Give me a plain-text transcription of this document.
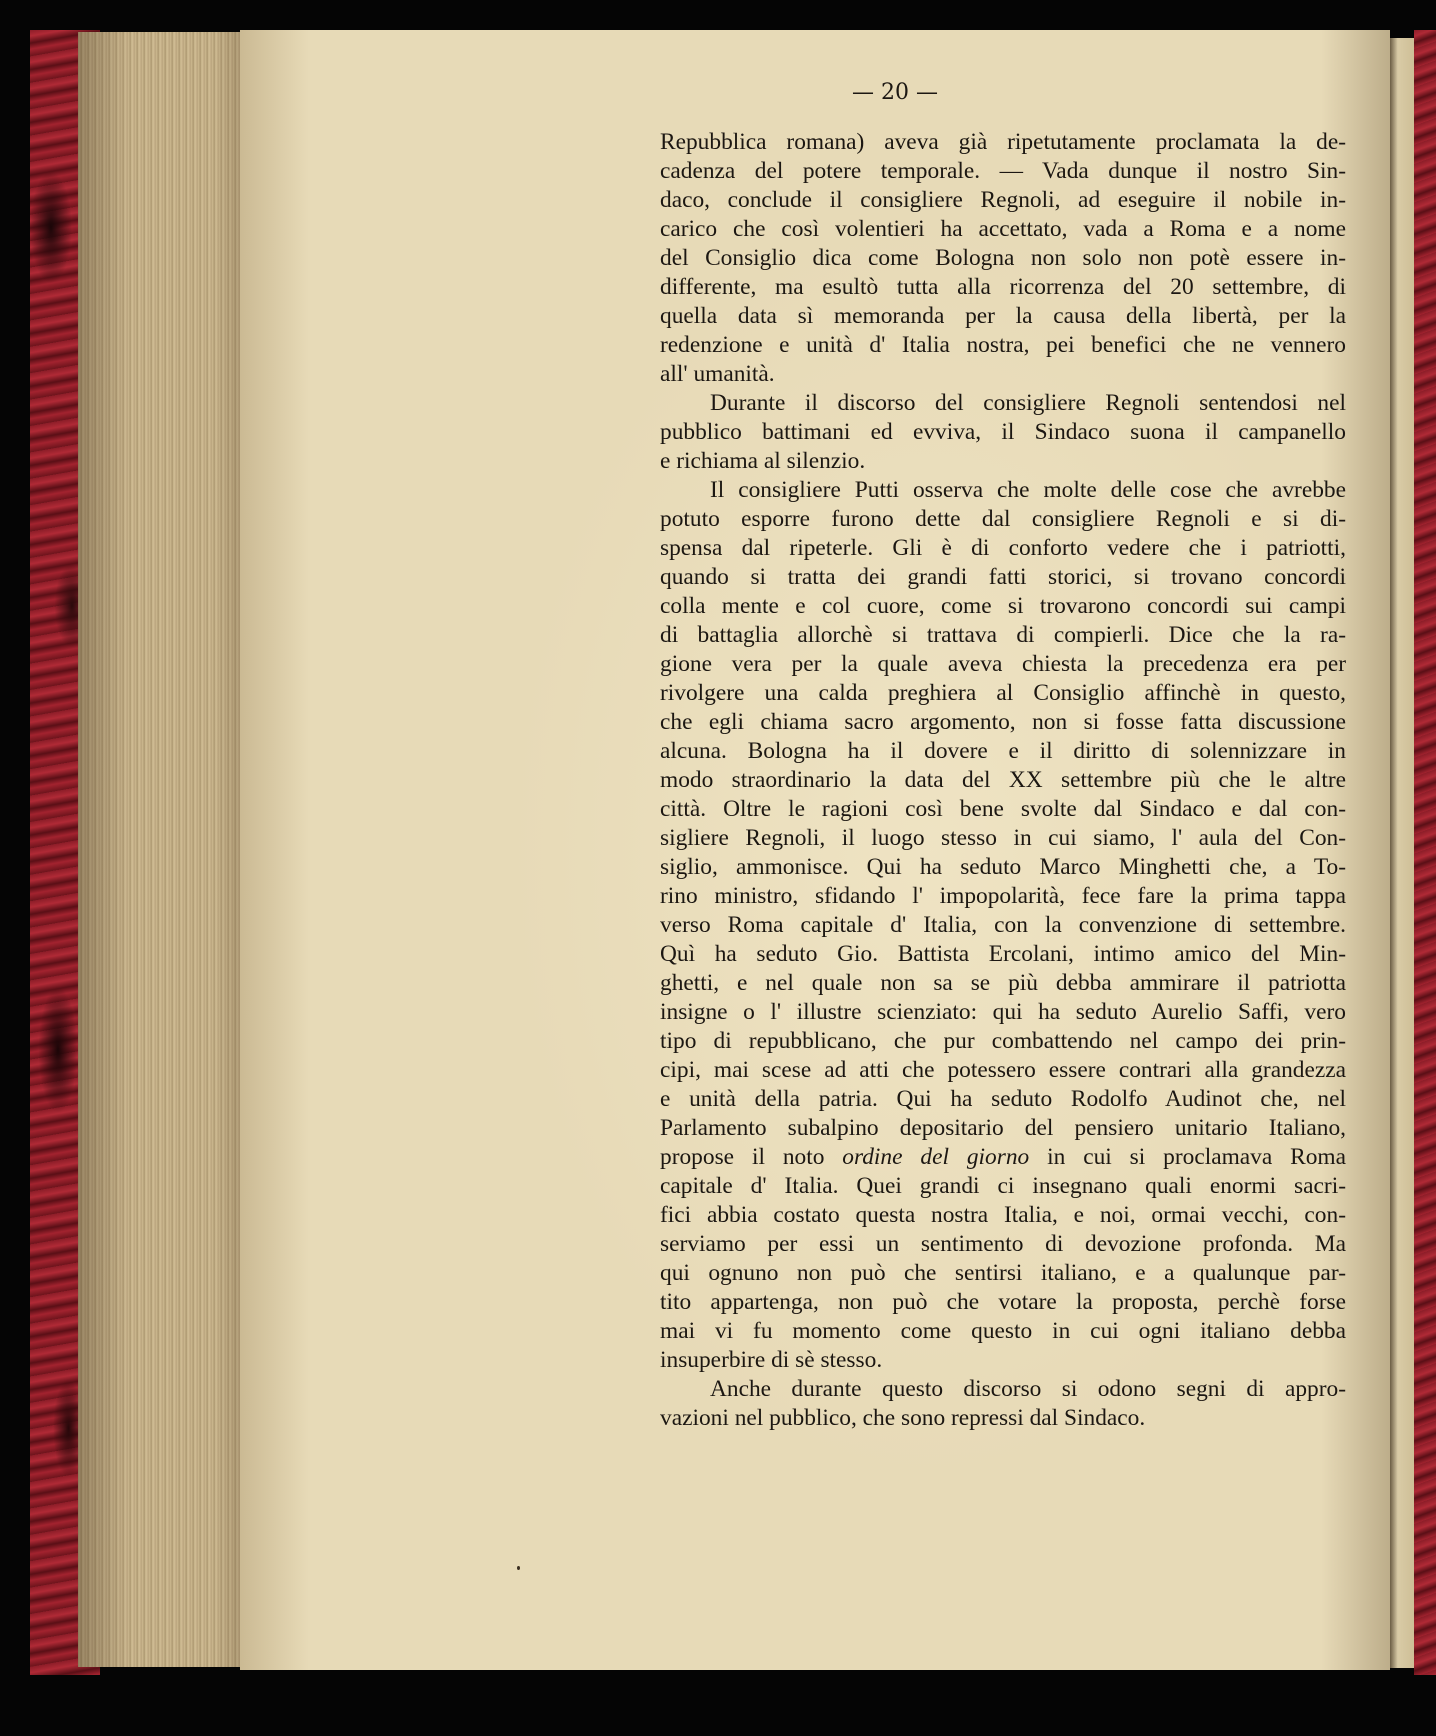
— 20 —
Repubblica romana) aveva già ripetutamente proclamata la de-
cadenza del potere temporale. — Vada dunque il nostro Sin-
daco, conclude il consigliere Regnoli, ad eseguire il nobile in-
carico che così volentieri ha accettato, vada a Roma e a nome
del Consiglio dica come Bologna non solo non potè essere in-
differente, ma esultò tutta alla ricorrenza del 20 settembre, di
quella data sì memoranda per la causa della libertà, per la
redenzione e unità d' Italia nostra, pei benefici che ne vennero
all' umanità.
Durante il discorso del consigliere Regnoli sentendosi nel
pubblico battimani ed evviva, il Sindaco suona il campanello
e richiama al silenzio.
Il consigliere Putti osserva che molte delle cose che avrebbe
potuto esporre furono dette dal consigliere Regnoli e si di-
spensa dal ripeterle. Gli è di conforto vedere che i patriotti,
quando si tratta dei grandi fatti storici, si trovano concordi
colla mente e col cuore, come si trovarono concordi sui campi
di battaglia allorchè si trattava di compierli. Dice che la ra-
gione vera per la quale aveva chiesta la precedenza era per
rivolgere una calda preghiera al Consiglio affinchè in questo,
che egli chiama sacro argomento, non si fosse fatta discussione
alcuna. Bologna ha il dovere e il diritto di solennizzare in
modo straordinario la data del XX settembre più che le altre
città. Oltre le ragioni così bene svolte dal Sindaco e dal con-
sigliere Regnoli, il luogo stesso in cui siamo, l' aula del Con-
siglio, ammonisce. Qui ha seduto Marco Minghetti che, a To-
rino ministro, sfidando l' impopolarità, fece fare la prima tappa
verso Roma capitale d' Italia, con la convenzione di settembre.
Quì ha seduto Gio. Battista Ercolani, intimo amico del Min-
ghetti, e nel quale non sa se più debba ammirare il patriotta
insigne o l' illustre scienziato: qui ha seduto Aurelio Saffi, vero
tipo di repubblicano, che pur combattendo nel campo dei prin-
cipi, mai scese ad atti che potessero essere contrari alla grandezza
e unità della patria. Qui ha seduto Rodolfo Audinot che, nel
Parlamento subalpino depositario del pensiero unitario Italiano,
propose il noto ordine del giorno in cui si proclamava Roma
capitale d' Italia. Quei grandi ci insegnano quali enormi sacri-
fici abbia costato questa nostra Italia, e noi, ormai vecchi, con-
serviamo per essi un sentimento di devozione profonda. Ma
qui ognuno non può che sentirsi italiano, e a qualunque par-
tito appartenga, non può che votare la proposta, perchè forse
mai vi fu momento come questo in cui ogni italiano debba
insuperbire di sè stesso.
Anche durante questo discorso si odono segni di appro-
vazioni nel pubblico, che sono repressi dal Sindaco.
